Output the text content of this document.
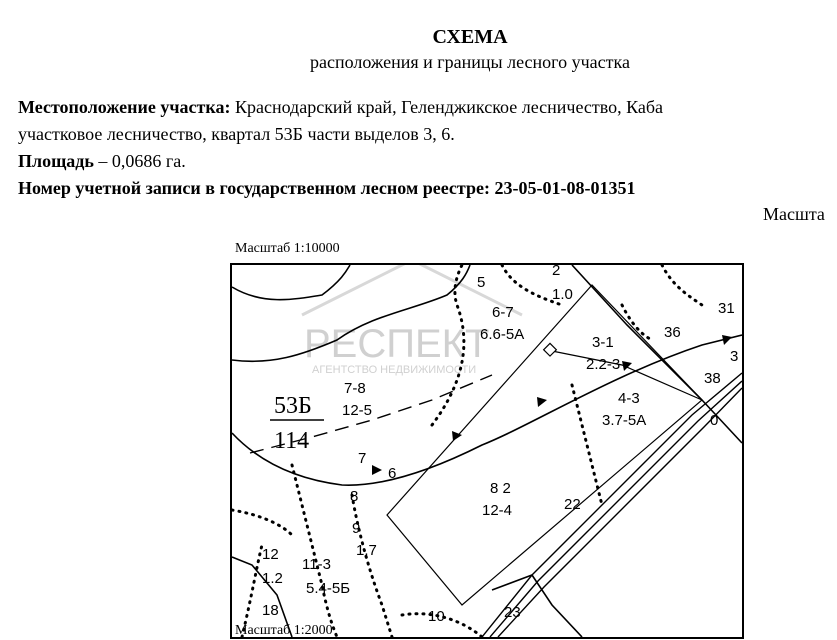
СХЕМА
расположения и границы лесного участка
Местоположение участка: Краснодарский край, Геленджикское лесничество, Каба
участковое лесничество, квартал 53Б части выделов 3, 6.
Площадь – 0,0686 га.
Номер учетной записи в государственном лесном реестре: 23-05-01-08-01351
Масшта
Масштаб 1:10000
РЕСПЕКТ
АГЕНТСТВО НЕДВИЖИМОСТИ
53Б
114
5
2
1.0
31
6-7
6.6-5А	3-1
36
3
2.2-3
38
7-8
12-5
4-3
3.7-5А	0
7
6
8	8 2
12-4	22
9
1.7
12
1.2
11-3
5.4-5Б
18	10	23
Масштаб 1:2000
